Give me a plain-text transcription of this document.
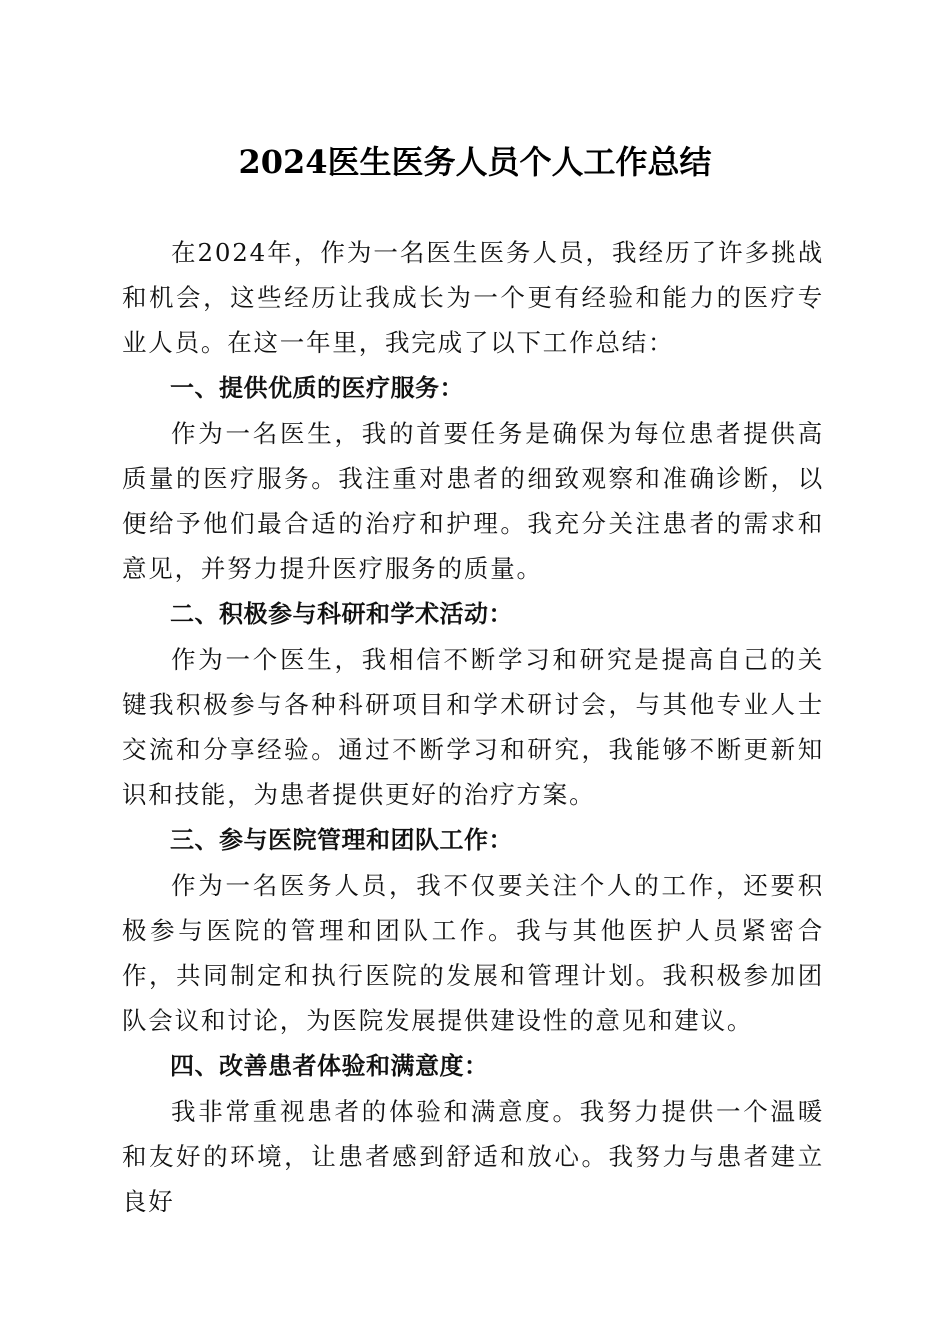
2024医生医务人员个人工作总结

在2024年，作为一名医生医务人员，我经历了许多挑战和机会，这些经历让我成长为一个更有经验和能力的医疗专业人员。在这一年里，我完成了以下工作总结：

一、提供优质的医疗服务：

作为一名医生，我的首要任务是确保为每位患者提供高质量的医疗服务。我注重对患者的细致观察和准确诊断，以便给予他们最合适的治疗和护理。我充分关注患者的需求和意见，并努力提升医疗服务的质量。

二、积极参与科研和学术活动：

作为一个医生，我相信不断学习和研究是提高自己的关键我积极参与各种科研项目和学术研讨会，与其他专业人士交流和分享经验。通过不断学习和研究，我能够不断更新知识和技能，为患者提供更好的治疗方案。

三、参与医院管理和团队工作：

作为一名医务人员，我不仅要关注个人的工作，还要积极参与医院的管理和团队工作。我与其他医护人员紧密合作，共同制定和执行医院的发展和管理计划。我积极参加团队会议和讨论，为医院发展提供建设性的意见和建议。

四、改善患者体验和满意度：

我非常重视患者的体验和满意度。我努力提供一个温暖和友好的环境，让患者感到舒适和放心。我努力与患者建立良好
